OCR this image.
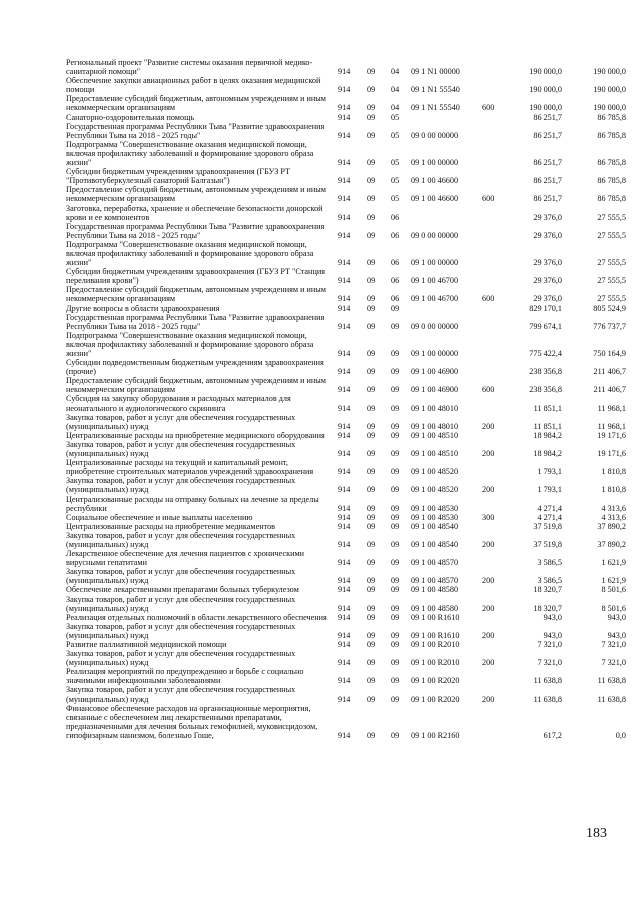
Региональный проект "Развитие системы оказания первичной медико-санитарной помощи"	914 09 04 09 1 N1 00000	190 000,0	190 000,0
Обеспечение закупки авиационных работ в целях оказания медицинской помощи	914 09 04 09 1 N1 55540	190 000,0	190 000,0
Предоставление субсидий бюджетным, автономным учреждениям и иным некоммерческим организациям	914 09 04 09 1 N1 55540	600	190 000,0	190 000,0
Санаторно-оздоровительная помощь	914 09 05	86 251,7	86 785,8
Государственная программа Республики Тыва "Развитие здравоохранения Республики Тыва на 2018 - 2025 годы"	914 09 05 09 0 00 00000	86 251,7	86 785,8
Подпрограмма "Совершенствование оказания медицинской помощи, включая профилактику заболеваний и формирование здорового образа жизни"	914 09 05 09 1 00 00000	86 251,7	86 785,8
Субсидии бюджетным учреждениям здравоохранения (ГБУЗ РТ "Противотуберкулезный санаторий Балгазын")	914 09 05 09 1 00 46600	86 251,7	86 785,8
Предоставление субсидий бюджетным, автономным учреждениям и иным некоммерческим организациям	914 09 05 09 1 00 46600	600	86 251,7	86 785,8
Заготовка, переработка, хранение и обеспечение безопасности донорской крови и ее компонентов	914 09 06	29 376,0	27 555,5
Государственная программа Республики Тыва "Развитие здравоохранения Республики Тыва на 2018 - 2025 годы"	914 09 06 09 0 00 00000	29 376,0	27 555,5
Подпрограмма "Совершенствование оказания медицинской помощи, включая профилактику заболеваний и формирование здорового образа жизни"	914 09 06 09 1 00 00000	29 376,0	27 555,5
Субсидии бюджетным учреждениям здравоохранения (ГБУЗ РТ "Станция переливания крови")	914 09 06 09 1 00 46700	29 376,0	27 555,5
Предоставление субсидий бюджетным, автономным учреждениям и иным некоммерческим организациям	914 09 06 09 1 00 46700	600	29 376,0	27 555,5
Другие вопросы в области здравоохранения	914 09 09	829 170,1	805 524,9
Государственная программа Республики Тыва "Развитие здравоохранения Республики Тыва на 2018 - 2025 годы"	914 09 09 09 0 00 00000	799 674,1	776 737,7
Подпрограмма "Совершенствование оказания медицинской помощи, включая профилактику заболеваний и формирование здорового образа жизни"	914 09 09 09 1 00 00000	775 422,4	750 164,9
Субсидии подведомственным бюджетным учреждениям здравоохранения (прочие)	914 09 09 09 1 00 46900	238 356,8	211 406,7
Предоставление субсидий бюджетным, автономным учреждениям и иным некоммерческим организациям	914 09 09 09 1 00 46900	600	238 356,8	211 406,7
Субсидия на закупку оборудования и расходных материалов для неонатального и аудиологического скрининга	914 09 09 09 1 00 48010	11 851,1	11 968,1
Закупка товаров, работ и услуг для обеспечения государственных (муниципальных) нужд	914 09 09 09 1 00 48010	200	11 851,1	11 968,1
Централизованные расходы на приобретение медицинского оборудования	914 09 09 09 1 00 48510	18 984,2	19 171,6
Закупка товаров, работ и услуг для обеспечения государственных (муниципальных) нужд	914 09 09 09 1 00 48510	200	18 984,2	19 171,6
Централизованные расходы на текущий и капитальный ремонт, приобретение строительных материалов учреждений здравоохранения	914 09 09 09 1 00 48520	1 793,1	1 810,8
Закупка товаров, работ и услуг для обеспечения государственных (муниципальных) нужд	914 09 09 09 1 00 48520	200	1 793,1	1 810,8
Централизованные расходы на отправку больных на лечение за пределы республики	914 09 09 09 1 00 48530	4 271,4	4 313,6
Социальное обеспечение и иные выплаты населению	914 09 09 09 1 00 48530	300	4 271,4	4 313,6
Централизованные расходы на приобретение медикаментов	914 09 09 09 1 00 48540	37 519,8	37 890,2
Закупка товаров, работ и услуг для обеспечения государственных (муниципальных) нужд	914 09 09 09 1 00 48540	200	37 519,8	37 890,2
Лекарственное обеспечение для лечения пациентов с хроническими вирусными гепатитами	914 09 09 09 1 00 48570	3 586,5	1 621,9
Закупка товаров, работ и услуг для обеспечения государственных (муниципальных) нужд	914 09 09 09 1 00 48570	200	3 586,5	1 621,9
Обеспечение лекарственными препаратами больных туберкулезом	914 09 09 09 1 00 48580	18 320,7	8 501,6
Закупка товаров, работ и услуг для обеспечения государственных (муниципальных) нужд	914 09 09 09 1 00 48580	200	18 320,7	8 501,6
Реализация отдельных полномочий в области лекарственного обеспечения 914 09 09 09 1 00 R1610	943,0	943,0
Закупка товаров, работ и услуг для обеспечения государственных (муниципальных) нужд	914 09 09 09 1 00 R1610	200	943,0	943,0
Развитие паллиативной медицинской помощи	914 09 09 09 1 00 R2010	7 321,0	7 321,0
Закупка товаров, работ и услуг для обеспечения государственных (муниципальных) нужд	914 09 09 09 1 00 R2010	200	7 321,0	7 321,0
Реализация мероприятий по предупреждению и борьбе с социально значимыми инфекционными заболеваниями	914 09 09 09 1 00 R2020	11 638,8	11 638,8
Закупка товаров, работ и услуг для обеспечения государственных (муниципальных) нужд	914 09 09 09 1 00 R2020	200	11 638,8	11 638,8
Финансовое обеспечение расходов на организационные мероприятия, связанные с обеспечением лиц лекарственными препаратами, предназначенными для лечения больных гемофилией, муковисцидозом, гипофизарным нанизмом, болезнью Гоше,	914 09 09 09 1 00 R2160	617,2	0,0
183
